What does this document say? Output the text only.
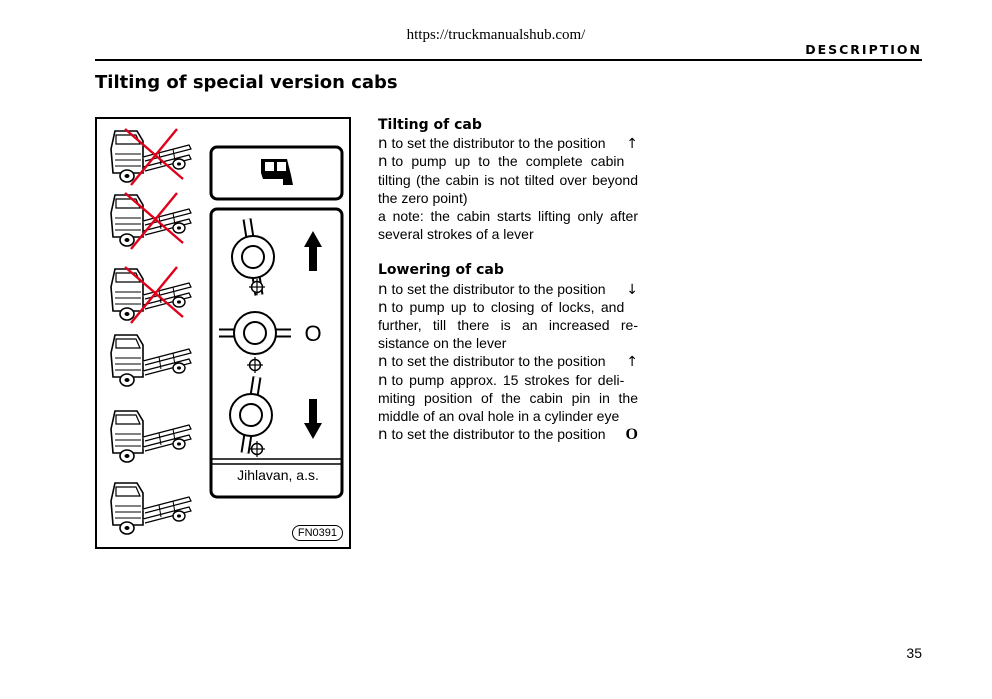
https://truckmanualshub.com/
DESCRIPTION
Tilting of special version cabs
O
Jihlavan, a.s.
FN0391
Tilting of cab

n to set the distributor to the position ↑

n to pump up to the complete cabin tilting (the cabin is not tilted over beyond the zero point)

a note: the cabin starts lifting only after several strokes of a lever

Lowering of cab

n to set the distributor to the position ↓

n to pump up to closing of locks, and further, till there is an increased re-sistance on the lever

n to set the distributor to the position ↑

n to pump approx. 15 strokes for deli-miting position of the cabin pin in the middle of an oval hole in a cylinder eye

n to set the distributor to the position O

35
